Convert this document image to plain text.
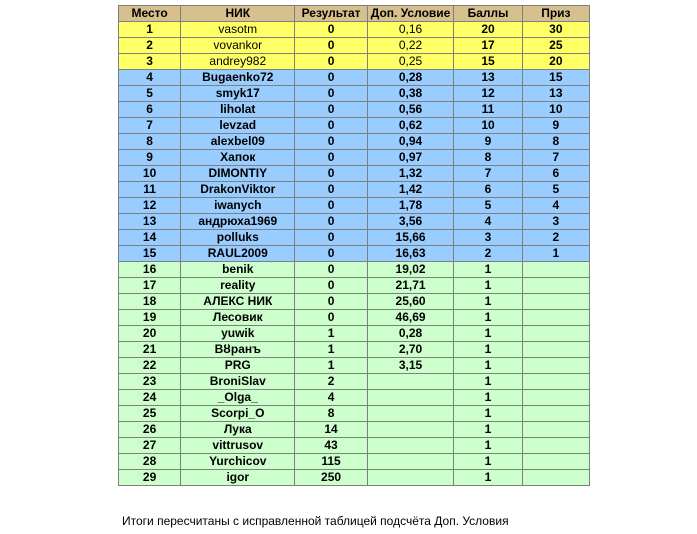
Место	НИК	Результат	Доп. Условие	Баллы	Приз
1	vasotm	0	0,16	20	30
2	vovankor	0	0,22	17	25
3	andrey982	0	0,25	15	20
4	Bugaenko72	0	0,28	13	15
5	smyk17	0	0,38	12	13
6	liholat	0	0,56	11	10
7	levzad	0	0,62	10	9
8	alexbel09	0	0,94	9	8
9	Хапок	0	0,97	8	7
10	DIMONTIY	0	1,32	7	6
11	DrakonViktor	0	1,42	6	5
12	iwanych	0	1,78	5	4
13	андрюха1969	0	3,56	4	3
14	polluks	0	15,66	3	2
15	RAUL2009	0	16,63	2	1
16	benik	0	19,02	1	
17	reality	0	21,71	1	
18	АЛЕКС НИК	0	25,60	1	
19	Лесовик	0	46,69	1	
20	yuwik	1	0,28	1	
21	Вȣранъ	1	2,70	1	
22	PRG	1	3,15	1	
23	BroniSlav	2		1	
24	_Olga_	4		1	
25	Scorpi_O	8		1	
26	Лука	14		1	
27	vittrusov	43		1	
28	Yurchicov	115		1	
29	igor	250		1	
Итоги пересчитаны с исправленной таблицей подсчёта Доп. Условия
